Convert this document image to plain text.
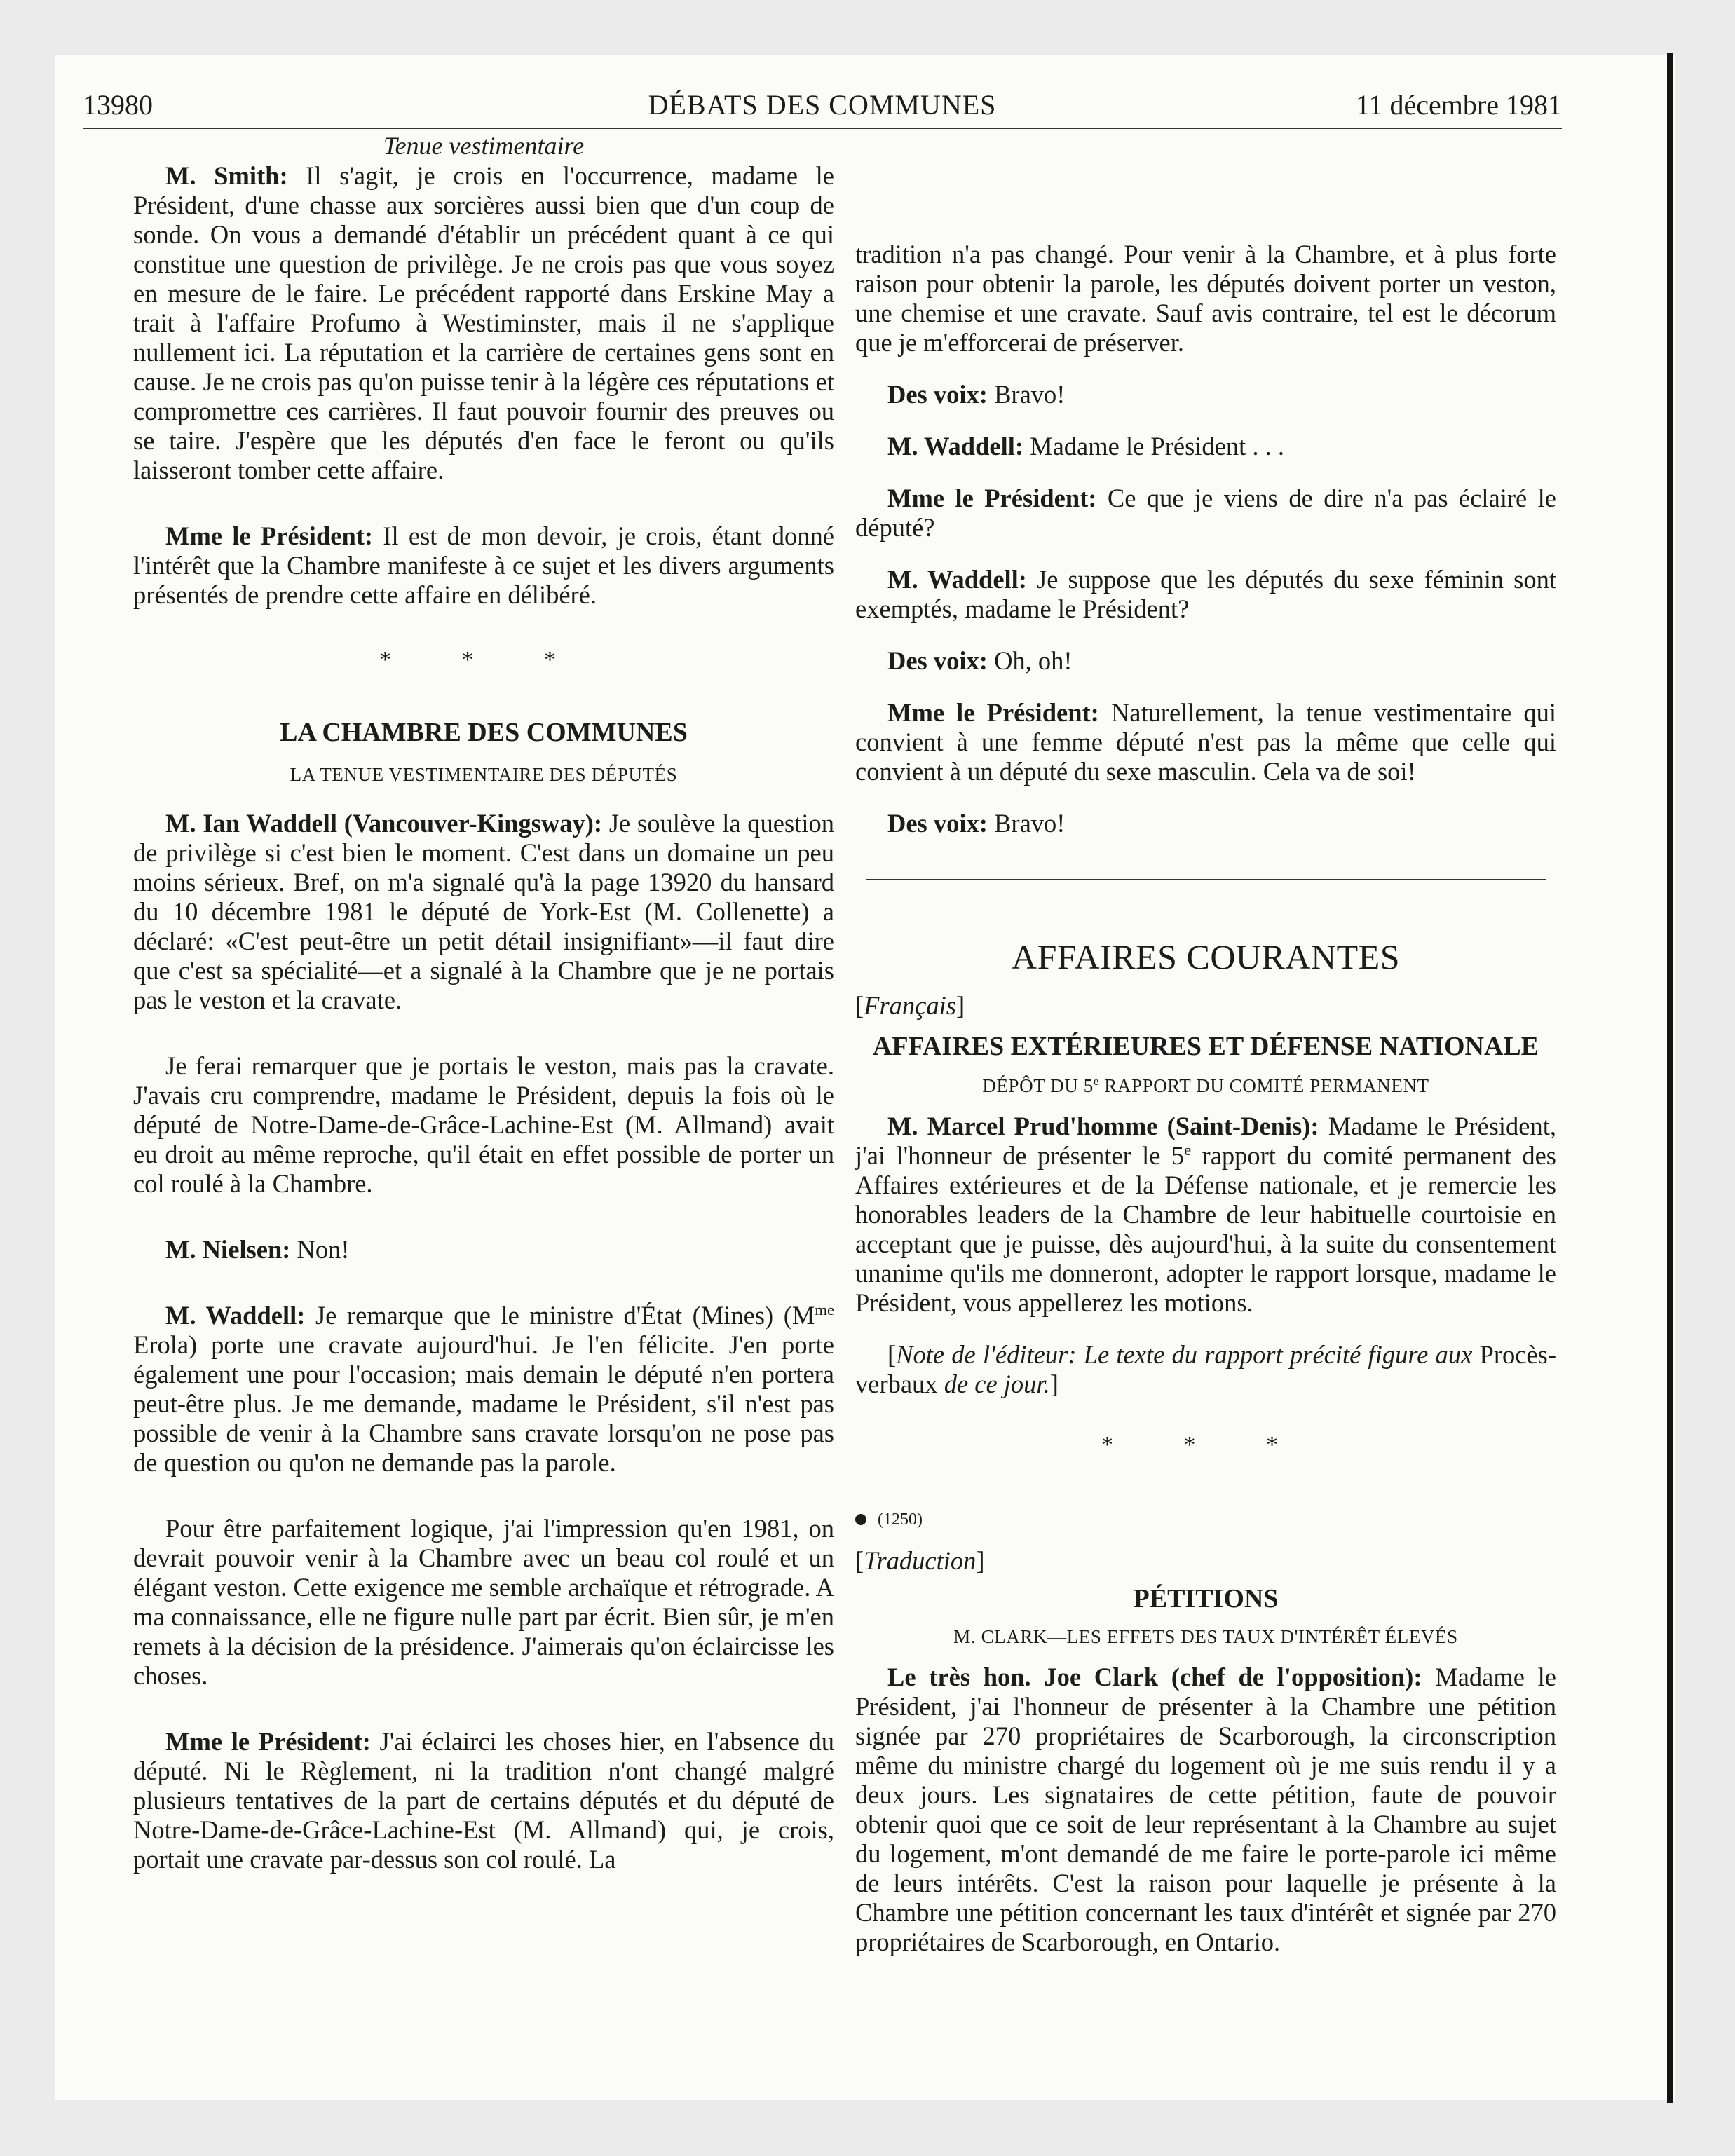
13980	DÉBATS DES COMMUNES	11 décembre 1981
Tenue vestimentaire

M. Smith: Il s'agit, je crois en l'occurrence, madame le Président, d'une chasse aux sorcières aussi bien que d'un coup de sonde. On vous a demandé d'établir un précédent quant à ce qui constitue une question de privilège. Je ne crois pas que vous soyez en mesure de le faire. Le précédent rapporté dans Erskine May a trait à l'affaire Profumo à Westiminster, mais il ne s'applique nullement ici. La réputation et la carrière de certaines gens sont en cause. Je ne crois pas qu'on puisse tenir à la légère ces réputations et compromettre ces carrières. Il faut pouvoir fournir des preuves ou se taire. J'espère que les députés d'en face le feront ou qu'ils laisseront tomber cette affaire.

Mme le Président: Il est de mon devoir, je crois, étant donné l'intérêt que la Chambre manifeste à ce sujet et les divers arguments présentés de prendre cette affaire en délibéré.

* * *

LA CHAMBRE DES COMMUNES
LA TENUE VESTIMENTAIRE DES DÉPUTÉS

M. Ian Waddell (Vancouver-Kingsway): Je soulève la question de privilège si c'est bien le moment. C'est dans un domaine un peu moins sérieux. Bref, on m'a signalé qu'à la page 13920 du hansard du 10 décembre 1981 le député de York-Est (M. Collenette) a déclaré: «C'est peut-être un petit détail insignifiant»—il faut dire que c'est sa spécialité—et a signalé à la Chambre que je ne portais pas le veston et la cravate.

Je ferai remarquer que je portais le veston, mais pas la cravate. J'avais cru comprendre, madame le Président, depuis la fois où le député de Notre-Dame-de-Grâce-Lachine-Est (M. Allmand) avait eu droit au même reproche, qu'il était en effet possible de porter un col roulé à la Chambre.

M. Nielsen: Non!

M. Waddell: Je remarque que le ministre d'État (Mines) ($M^{me}$ Erola) porte une cravate aujourd'hui. Je l'en félicite. J'en porte également une pour l'occasion; mais demain le député n'en portera peut-être plus. Je me demande, madame le Président, s'il n'est pas possible de venir à la Chambre sans cravate lorsqu'on ne pose pas de question ou qu'on ne demande pas la parole.

Pour être parfaitement logique, j'ai l'impression qu'en 1981, on devrait pouvoir venir à la Chambre avec un beau col roulé et un élégant veston. Cette exigence me semble archaïque et rétrograde. A ma connaissance, elle ne figure nulle part par écrit. Bien sûr, je m'en remets à la décision de la présidence. J'aimerais qu'on éclaircisse les choses.

Mme le Président: J'ai éclairci les choses hier, en l'absence du député. Ni le Règlement, ni la tradition n'ont changé malgré plusieurs tentatives de la part de certains députés et du député de Notre-Dame-de-Grâce-Lachine-Est (M. Allmand) qui, je crois, portait une cravate par-dessus son col roulé. La

tradition n'a pas changé. Pour venir à la Chambre, et à plus forte raison pour obtenir la parole, les députés doivent porter un veston, une chemise et une cravate. Sauf avis contraire, tel est le décorum que je m'efforcerai de préserver.

Des voix: Bravo!

M. Waddell: Madame le Président . . .

Mme le Président: Ce que je viens de dire n'a pas éclairé le député?

M. Waddell: Je suppose que les députés du sexe féminin sont exemptés, madame le Président?

Des voix: Oh, oh!

Mme le Président: Naturellement, la tenue vestimentaire qui convient à une femme député n'est pas la même que celle qui convient à un député du sexe masculin. Cela va de soi!

Des voix: Bravo!

AFFAIRES COURANTES

[Français]

AFFAIRES EXTÉRIEURES ET DÉFENSE NATIONALE
DÉPÔT DU 5e RAPPORT DU COMITÉ PERMANENT

M. Marcel Prud'homme (Saint-Denis): Madame le Président, j'ai l'honneur de présenter le 5e rapport du comité permanent des Affaires extérieures et de la Défense nationale, et je remercie les honorables leaders de la Chambre de leur habituelle courtoisie en acceptant que je puisse, dès aujourd'hui, à la suite du consentement unanime qu'ils me donneront, adopter le rapport lorsque, madame le Président, vous appellerez les motions.

[Note de l'éditeur: Le texte du rapport précité figure aux Procès-verbaux de ce jour.]

* * *

(1250)

[Traduction]

PÉTITIONS
M. CLARK—LES EFFETS DES TAUX D'INTÉRÊT ÉLEVÉS

Le très hon. Joe Clark (chef de l'opposition): Madame le Président, j'ai l'honneur de présenter à la Chambre une pétition signée par 270 propriétaires de Scarborough, la circonscription même du ministre chargé du logement où je me suis rendu il y a deux jours. Les signataires de cette pétition, faute de pouvoir obtenir quoi que ce soit de leur représentant à la Chambre au sujet du logement, m'ont demandé de me faire le porte-parole ici même de leurs intérêts. C'est la raison pour laquelle je présente à la Chambre une pétition concernant les taux d'intérêt et signée par 270 propriétaires de Scarborough, en Ontario.
